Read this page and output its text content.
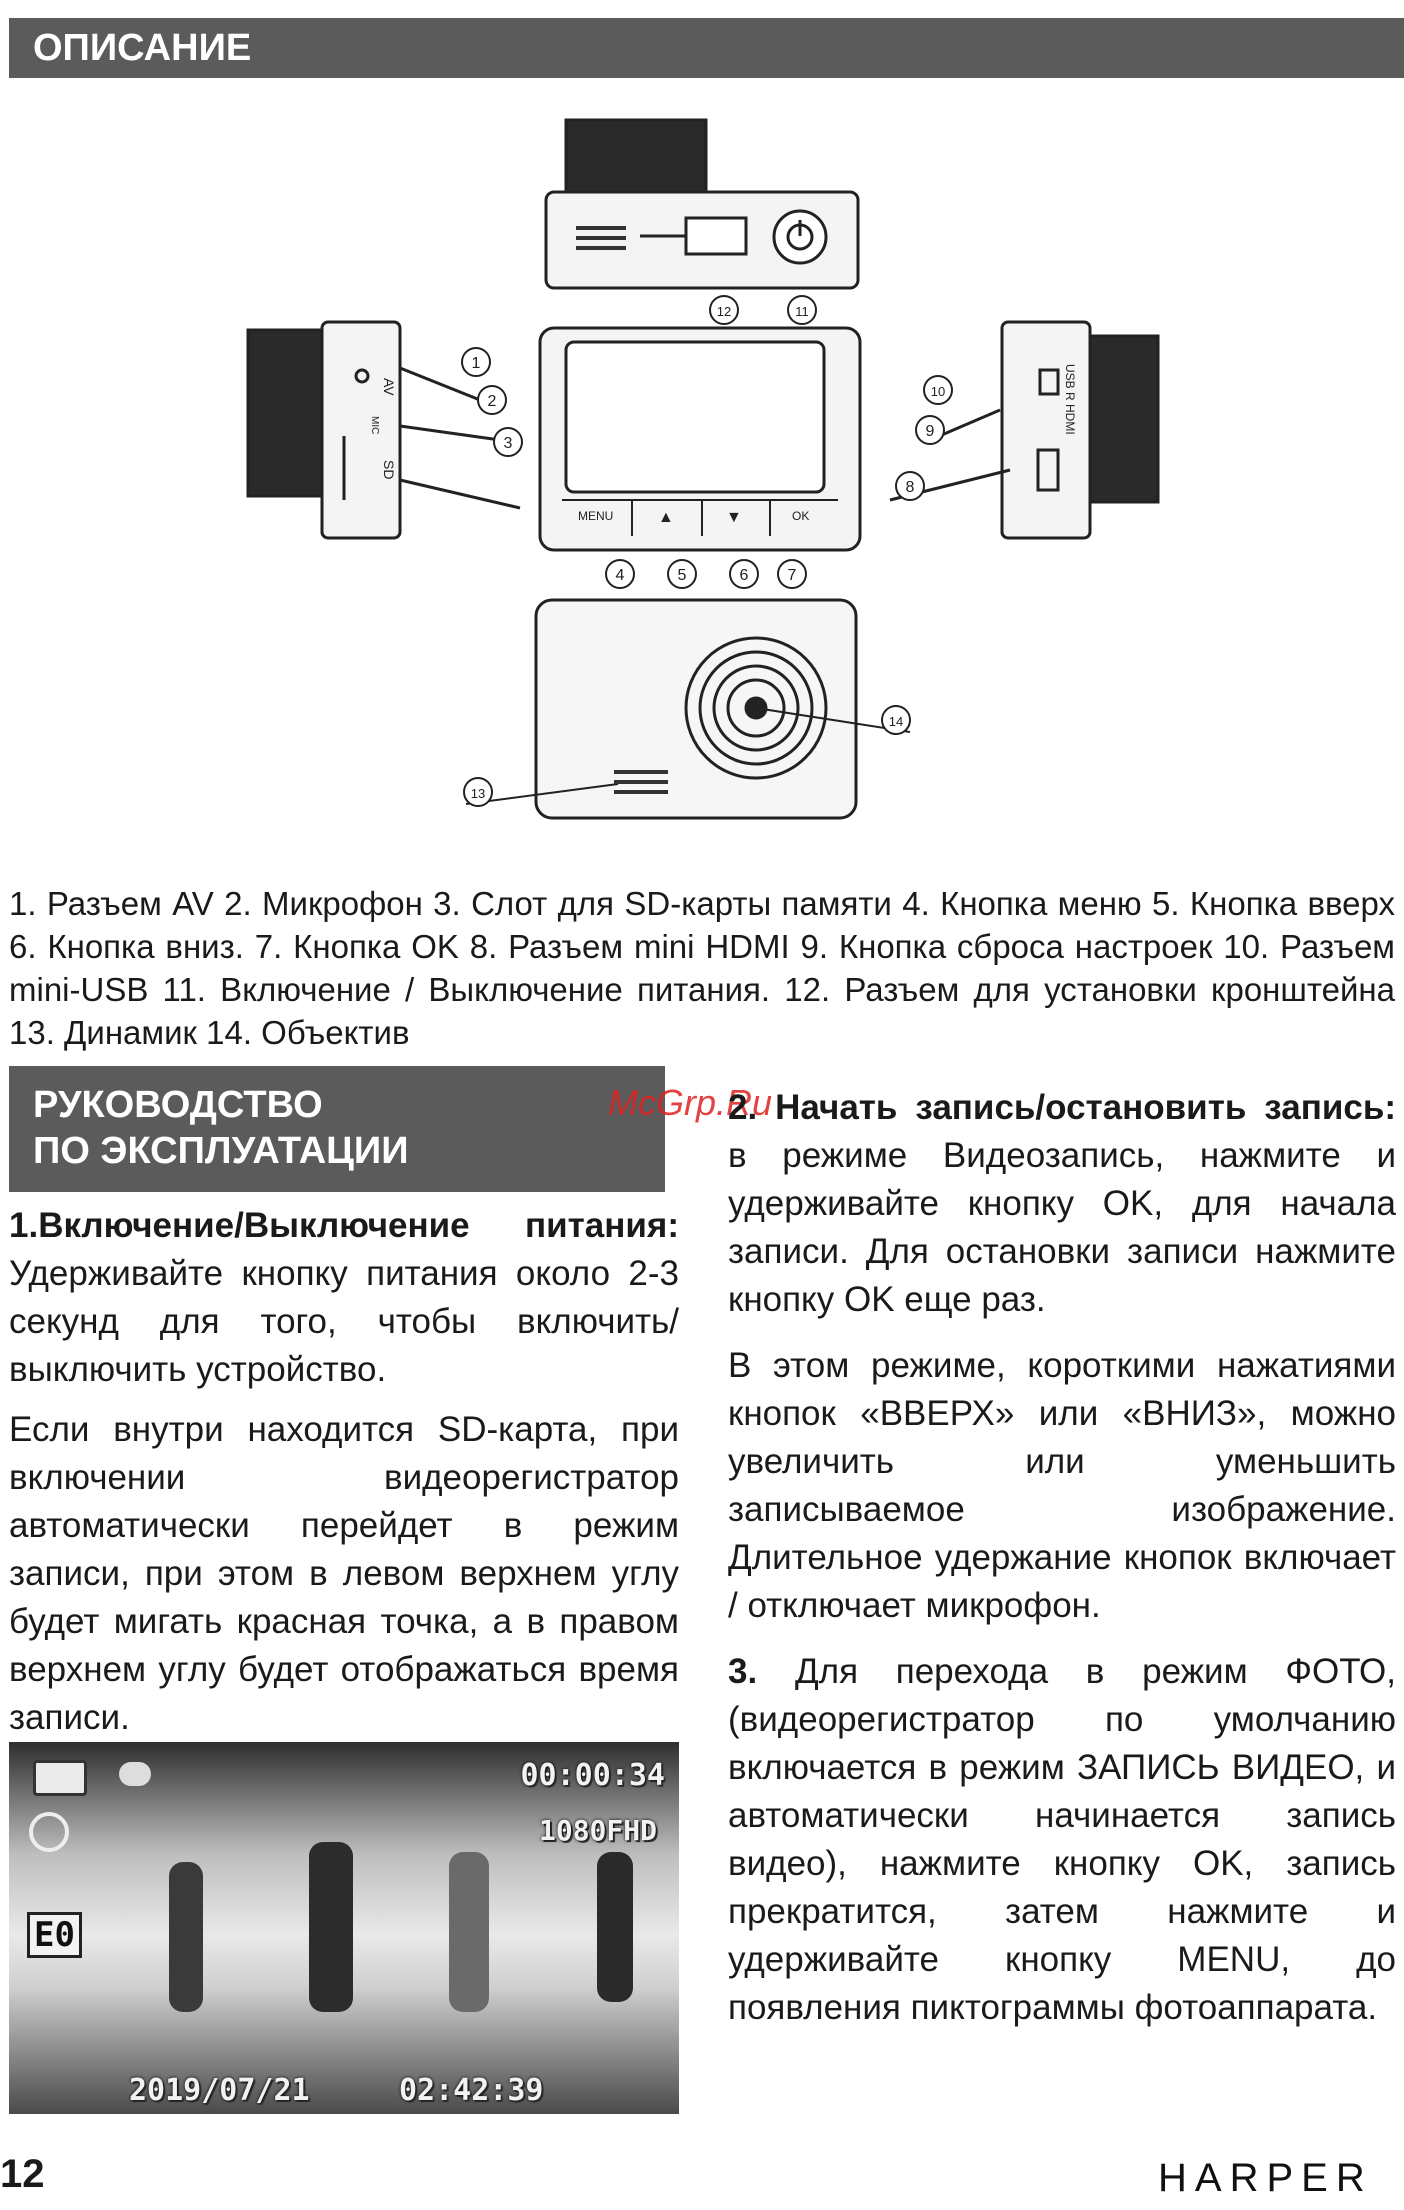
ОПИСАНИЕ
AV
MIC
SD
MENU	▲	▼	OK
USB R HDMI
1
2
3
4	5	6 7
8
9
10
11
12
13
14
1. Разъем AV 2. Микрофон 3. Слот для SD-карты памяти 4. Кнопка меню 5. Кнопка вверх 6. Кнопка вниз. 7. Кнопка OK 8. Разъем mini HDMI 9. Кнопка сброса настроек 10. Разъем mini-USB 11. Включение / Выключение питания. 12. Разъем для установки кронштейна 13. Динамик 14. Объектив
РУКОВОДСТВО
ПО ЭКСПЛУАТАЦИИ
McGrp.Ru

1.Включение/Выключение питания: Удерживайте кнопку питания около 2-3 секунд для того, чтобы включить/выключить устройство.

Если внутри находится SD-карта, при включении видеорегистратор автоматически перейдет в режим записи, при этом в левом верхнем углу будет мигать красная точка, а в правом верхнем углу будет отображаться время записи.

00:00:34
1080FHD
E0
2019/07/21	02:42:39

2. Начать запись/остановить запись: в режиме Видеозапись, нажмите и удерживайте кнопку OK, для начала записи. Для остановки записи нажмите кнопку OK еще раз.

В этом режиме, короткими нажатиями кнопок «ВВЕРХ» или «ВНИЗ», можно увеличить или уменьшить записываемое изображение. Длительное удержание кнопок включает / отключает микрофон.

3. Для перехода в режим ФОТО, (видеорегистратор по умолчанию включается в режим ЗАПИСЬ ВИДЕО, и автоматически начинается запись видео), нажмите кнопку OK, запись прекратится, затем нажмите и удерживайте кнопку MENU, до появления пиктограммы фотоаппарата.

12	HARPER
